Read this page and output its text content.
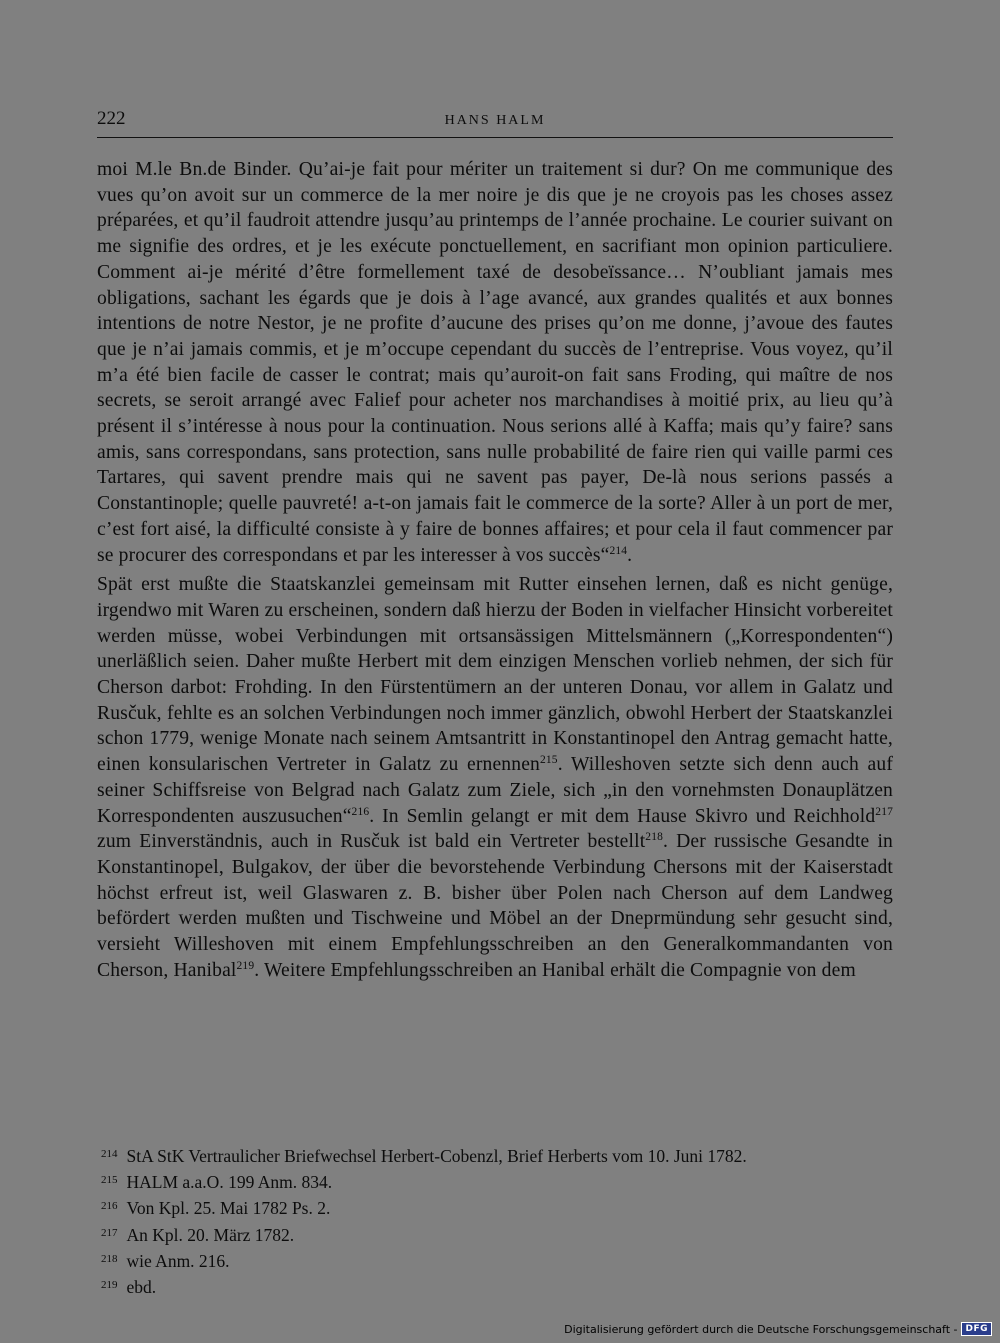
222	HANS HALM

moi M.le Bn.de Binder. Qu’ai-je fait pour mériter un traitement si dur? On me communique des vues qu’on avoit sur un commerce de la mer noire je dis que je ne croyois pas les choses assez préparées, et qu’il faudroit attendre jusqu’au printemps de l’année prochaine. Le courier suivant on me signifie des ordres, et je les exécute ponctuellement, en sacrifiant mon opinion particuliere. Comment ai-je mérité d’être formellement taxé de desobeïssance… N’oubliant jamais mes obligations, sachant les égards que je dois à l’age avancé, aux grandes qualités et aux bonnes intentions de notre Nestor, je ne profite d’aucune des prises qu’on me donne, j’avoue des fautes que je n’ai jamais commis, et je m’occupe cependant du succès de l’entreprise. Vous voyez, qu’il m’a été bien facile de casser le contrat; mais qu’auroit-on fait sans Froding, qui maître de nos secrets, se seroit arrangé avec Falief pour acheter nos marchandises à moitié prix, au lieu qu’à présent il s’intéresse à nous pour la continuation. Nous serions allé à Kaffa; mais qu’y faire? sans amis, sans correspondans, sans protection, sans nulle probabilité de faire rien qui vaille parmi ces Tartares, qui savent prendre mais qui ne savent pas payer, De-là nous serions passés a Constantinople; quelle pauvreté! a-t-on jamais fait le commerce de la sorte? Aller à un port de mer, c’est fort aisé, la difficulté consiste à y faire de bonnes affaires; et pour cela il faut commencer par se procurer des correspondans et par les interesser à vos succès“$^{214}$.

Spät erst mußte die Staatskanzlei gemeinsam mit Rutter einsehen lernen, daß es nicht genüge, irgendwo mit Waren zu erscheinen, sondern daß hierzu der Boden in vielfacher Hinsicht vorbereitet werden müsse, wobei Verbindungen mit ortsansässigen Mittelsmännern („Korrespondenten“) unerläßlich seien. Daher mußte Herbert mit dem einzigen Menschen vorlieb nehmen, der sich für Cherson darbot: Frohding. In den Fürstentümern an der unteren Donau, vor allem in Galatz und Rusčuk, fehlte es an solchen Verbindungen noch immer gänzlich, obwohl Herbert der Staatskanzlei schon 1779, wenige Monate nach seinem Amtsantritt in Konstantinopel den Antrag gemacht hatte, einen konsularischen Vertreter in Galatz zu ernennen$^{215}$. Willeshoven setzte sich denn auch auf seiner Schiffsreise von Belgrad nach Galatz zum Ziele, sich „in den vornehmsten Donauplätzen Korrespondenten auszusuchen“$^{216}$. In Semlin gelangt er mit dem Hause Skivro und Reichhold$^{217}$ zum Einverständnis, auch in Rusčuk ist bald ein Vertreter bestellt$^{218}$. Der russische Gesandte in Konstantinopel, Bulgakov, der über die bevorstehende Verbindung Chersons mit der Kaiserstadt höchst erfreut ist, weil Glaswaren z. B. bisher über Polen nach Cherson auf dem Landweg befördert werden mußten und Tischweine und Möbel an der Dneprmündung sehr gesucht sind, versieht Willeshoven mit einem Empfehlungsschreiben an den Generalkommandanten von Cherson, Hanibal$^{219}$. Weitere Empfehlungsschreiben an Hanibal erhält die Compagnie von dem

$^{214}$ StA StK Vertraulicher Briefwechsel Herbert-Cobenzl, Brief Herberts vom 10. Juni 1782.
$^{215}$ HALM a.a.O. 199 Anm. 834.
$^{216}$ Von Kpl. 25. Mai 1782 Ps. 2.
$^{217}$ An Kpl. 20. März 1782.
$^{218}$ wie Anm. 216.
$^{219}$ ebd.
Digitalisierung gefördert durch die Deutsche Forschungsgemeinschaft - DFG
